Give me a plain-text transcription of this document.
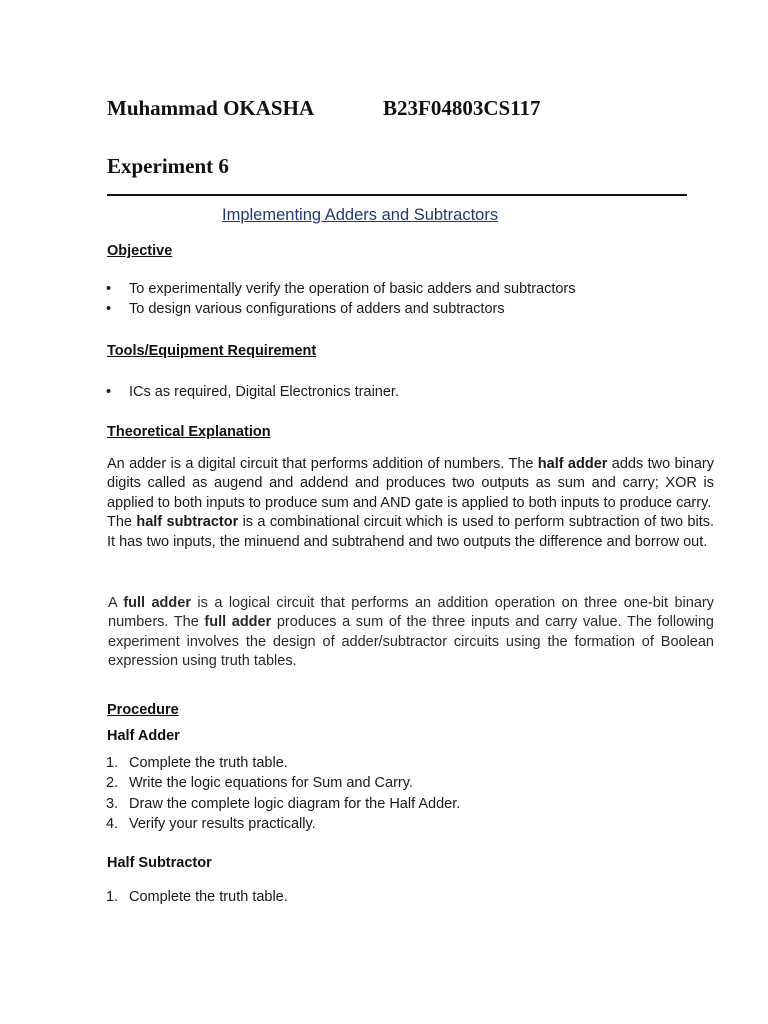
Muhammad OKASHA	B23F04803CS117
Experiment 6
Implementing Adders and Subtractors
Objective
• To experimentally verify the operation of basic adders and subtractors
• To design various configurations of adders and subtractors
Tools/Equipment Requirement
• ICs as required, Digital Electronics trainer.
Theoretical Explanation

An adder is a digital circuit that performs addition of numbers. The half adder adds two binary digits called as augend and addend and produces two outputs as sum and carry; XOR is applied to both inputs to produce sum and AND gate is applied to both inputs to produce carry.

The half subtractor is a combinational circuit which is used to perform subtraction of two bits. It has two inputs, the minuend and subtrahend and two outputs the difference and borrow out.

A full adder is a logical circuit that performs an addition operation on three one-bit binary numbers. The full adder produces a sum of the three inputs and carry value. The following experiment involves the design of adder/subtractor circuits using the formation of Boolean expression using truth tables.

Procedure
Half Adder
1. Complete the truth table.
2. Write the logic equations for Sum and Carry.
3. Draw the complete logic diagram for the Half Adder.
4. Verify your results practically.
Half Subtractor
1. Complete the truth table.
